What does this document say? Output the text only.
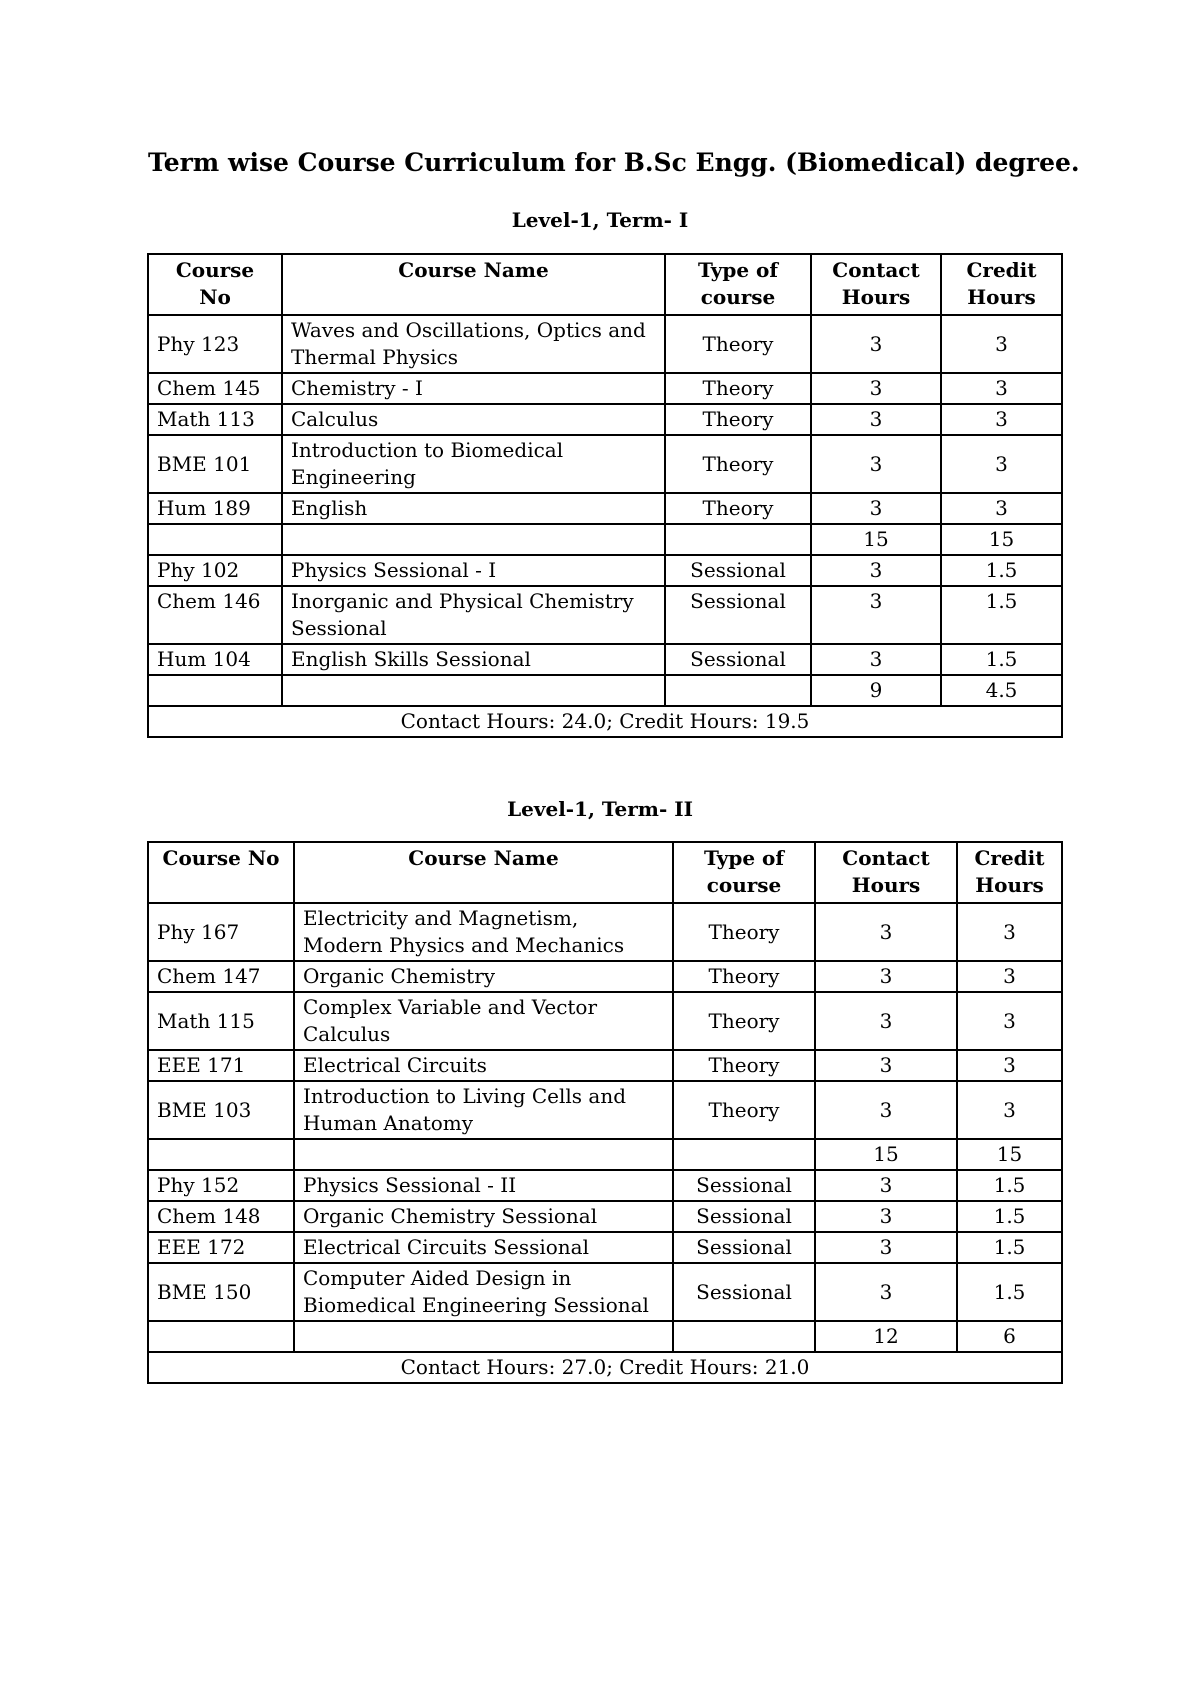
Term wise Course Curriculum for B.Sc Engg. (Biomedical) degree.
Level-1, Term- I
Course No	Course Name	Type of course	Contact Hours	Credit Hours
Phy 123	Waves and Oscillations, Optics and Thermal Physics	Theory	3	3
Chem 145	Chemistry - I	Theory	3	3
Math 113	Calculus	Theory	3	3
BME 101	Introduction to Biomedical Engineering	Theory	3	3
Hum 189	English	Theory	3	3
			15	15
Phy 102	Physics Sessional - I	Sessional	3	1.5
Chem 146	Inorganic and Physical Chemistry Sessional	Sessional	3	1.5
Hum 104	English Skills Sessional	Sessional	3	1.5
			9	4.5
Contact Hours: 24.0; Credit Hours: 19.5				
Level-1, Term- II
Course No	Course Name	Type of course	Contact Hours	Credit Hours
Phy 167	Electricity and Magnetism, Modern Physics and Mechanics	Theory	3	3
Chem 147	Organic Chemistry	Theory	3	3
Math 115	Complex Variable and Vector Calculus	Theory	3	3
EEE 171	Electrical Circuits	Theory	3	3
BME 103	Introduction to Living Cells and Human Anatomy	Theory	3	3
			15	15
Phy 152	Physics Sessional - II	Sessional	3	1.5
Chem 148	Organic Chemistry Sessional	Sessional	3	1.5
EEE 172	Electrical Circuits Sessional	Sessional	3	1.5
BME 150	Computer Aided Design in Biomedical Engineering Sessional	Sessional	3	1.5
			12	6
Contact Hours: 27.0; Credit Hours: 21.0				
